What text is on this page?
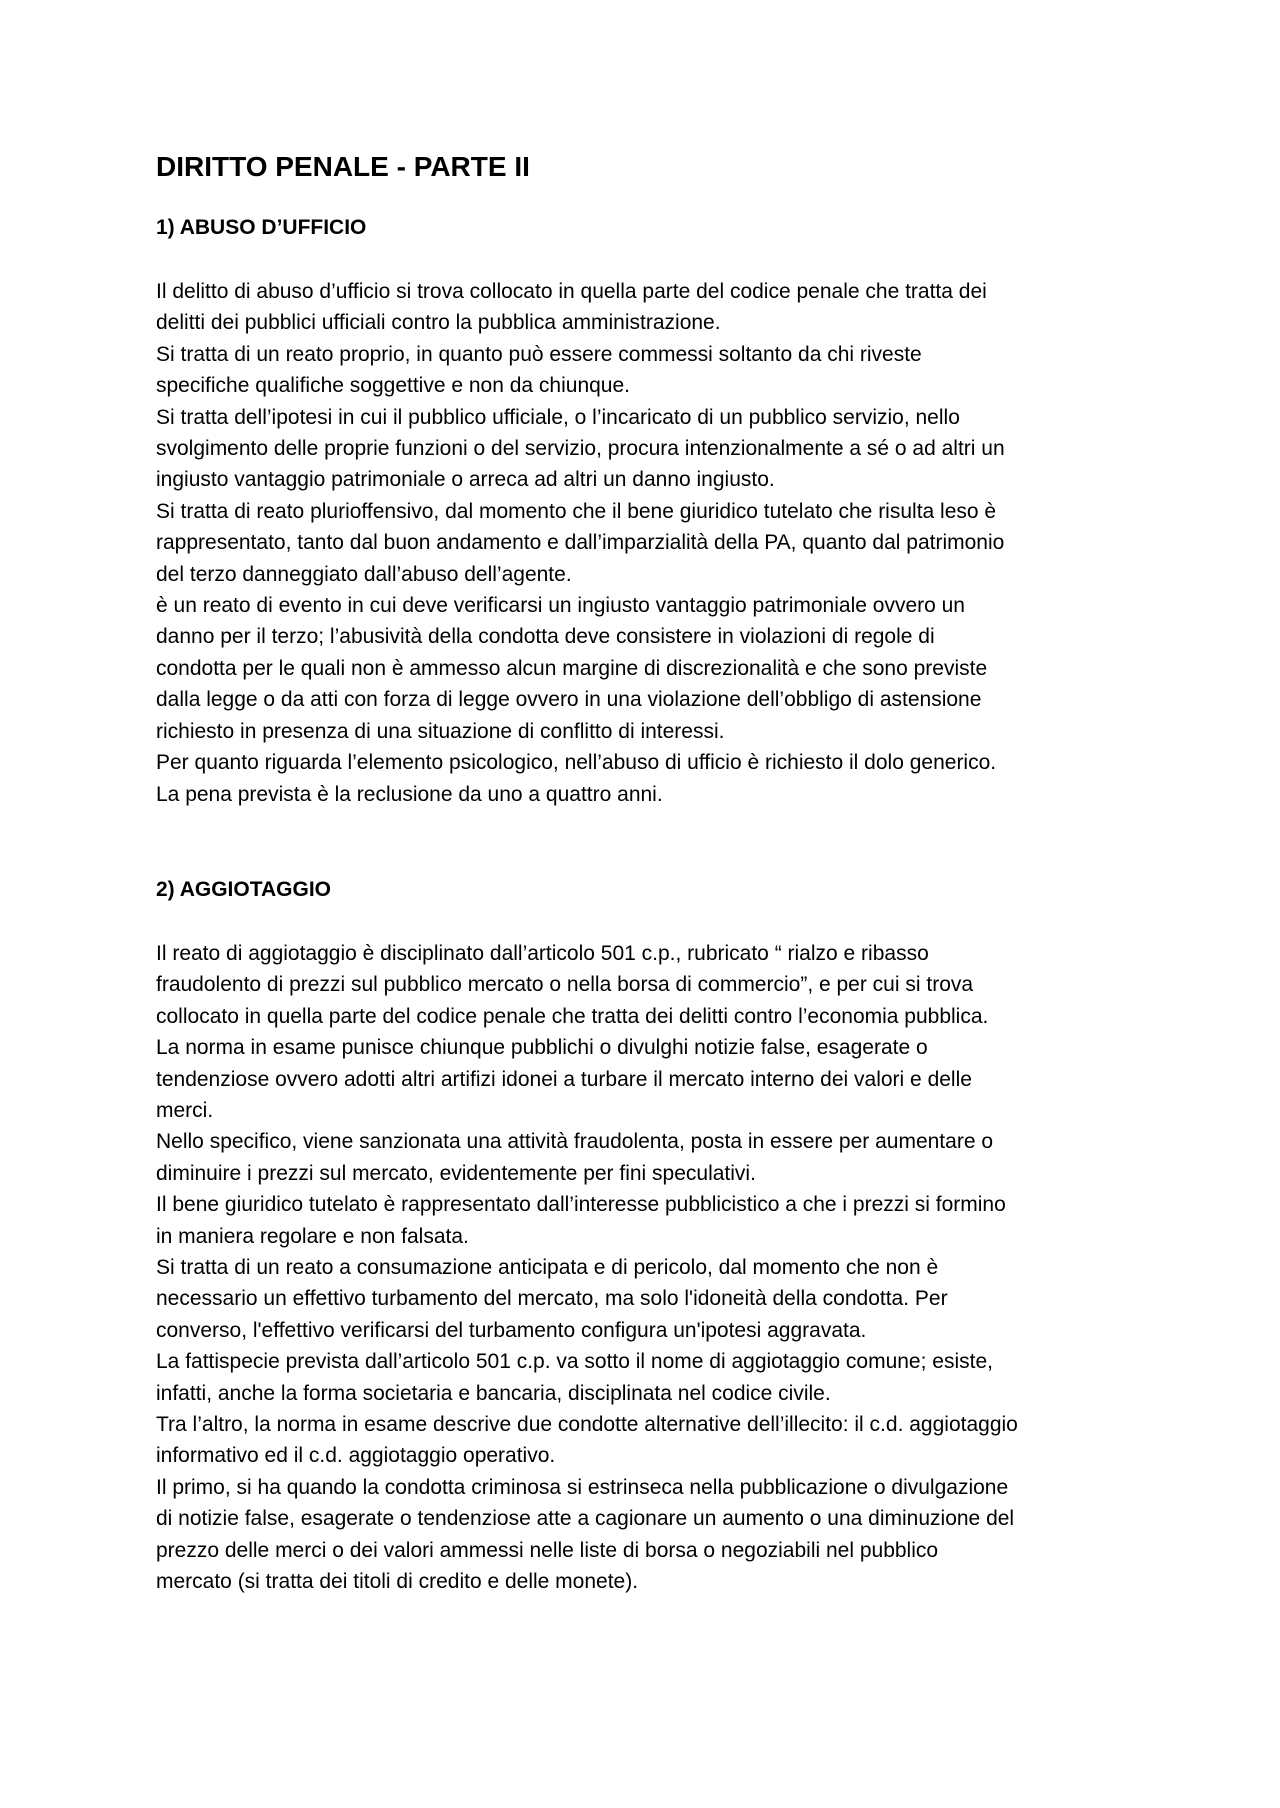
DIRITTO PENALE - PARTE II
1) ABUSO D’UFFICIO

Il delitto di abuso d’ufficio si trova collocato in quella parte del codice penale che tratta dei
delitti dei pubblici ufficiali contro la pubblica amministrazione.
Si tratta di un reato proprio, in quanto può essere commessi soltanto da chi riveste
specifiche qualifiche soggettive e non da chiunque.
Si tratta dell’ipotesi in cui il pubblico ufficiale, o l’incaricato di un pubblico servizio, nello
svolgimento delle proprie funzioni o del servizio, procura intenzionalmente a sé o ad altri un
ingiusto vantaggio patrimoniale o arreca ad altri un danno ingiusto.
Si tratta di reato plurioffensivo, dal momento che il bene giuridico tutelato che risulta leso è
rappresentato, tanto dal buon andamento e dall’imparzialità della PA, quanto dal patrimonio
del terzo danneggiato dall’abuso dell’agente.
è un reato di evento in cui deve verificarsi un ingiusto vantaggio patrimoniale ovvero un
danno per il terzo; l’abusività della condotta deve consistere in violazioni di regole di
condotta per le quali non è ammesso alcun margine di discrezionalità e che sono previste
dalla legge o da atti con forza di legge ovvero in una violazione dell’obbligo di astensione
richiesto in presenza di una situazione di conflitto di interessi.
Per quanto riguarda l’elemento psicologico, nell’abuso di ufficio è richiesto il dolo generico.
La pena prevista è la reclusione da uno a quattro anni.

2) AGGIOTAGGIO

Il reato di aggiotaggio è disciplinato dall’articolo 501 c.p., rubricato “ rialzo e ribasso
fraudolento di prezzi sul pubblico mercato o nella borsa di commercio”, e per cui si trova
collocato in quella parte del codice penale che tratta dei delitti contro l’economia pubblica.
La norma in esame punisce chiunque pubblichi o divulghi notizie false, esagerate o
tendenziose ovvero adotti altri artifizi idonei a turbare il mercato interno dei valori e delle
merci.
Nello specifico, viene sanzionata una attività fraudolenta, posta in essere per aumentare o
diminuire i prezzi sul mercato, evidentemente per fini speculativi.
Il bene giuridico tutelato è rappresentato dall’interesse pubblicistico a che i prezzi si formino
in maniera regolare e non falsata.
Si tratta di un reato a consumazione anticipata e di pericolo, dal momento che non è
necessario un effettivo turbamento del mercato, ma solo l'idoneità della condotta. Per
converso, l'effettivo verificarsi del turbamento configura un'ipotesi aggravata.
La fattispecie prevista dall’articolo 501 c.p. va sotto il nome di aggiotaggio comune; esiste,
infatti, anche la forma societaria e bancaria, disciplinata nel codice civile.
Tra l’altro, la norma in esame descrive due condotte alternative dell’illecito: il c.d. aggiotaggio
informativo ed il c.d. aggiotaggio operativo.
Il primo, si ha quando la condotta criminosa si estrinseca nella pubblicazione o divulgazione
di notizie false, esagerate o tendenziose atte a cagionare un aumento o una diminuzione del
prezzo delle merci o dei valori ammessi nelle liste di borsa o negoziabili nel pubblico
mercato (si tratta dei titoli di credito e delle monete).
